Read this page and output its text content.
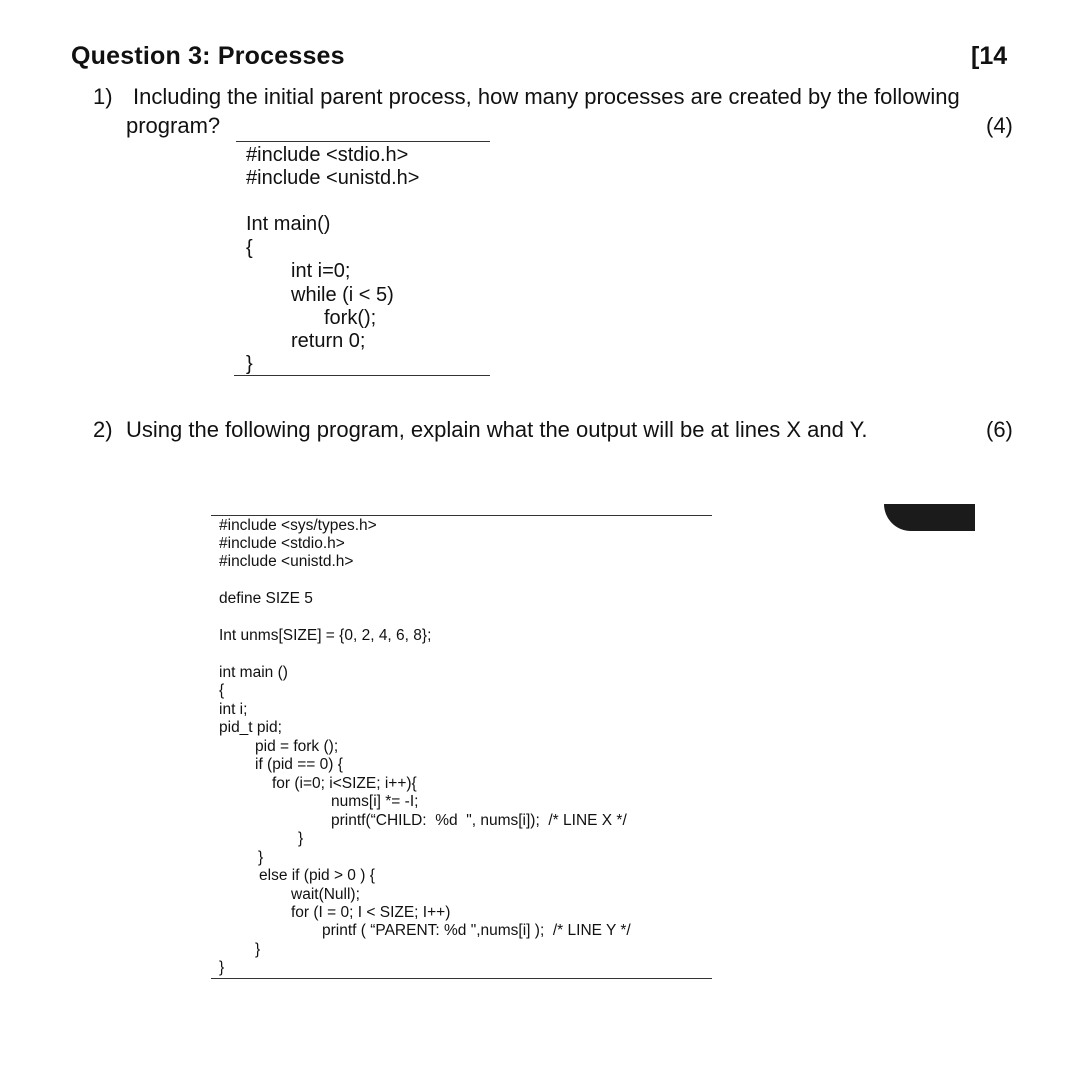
Question 3: Processes	[14
1) Including the initial parent process, how many processes are created by the following
program?	(4)
#include <stdio.h>
#include <unistd.h>
Int main()
{
int i=0;
while (i < 5)
fork();
return 0;
}
2) Using the following program, explain what the output will be at lines X and Y.	(6)
#include <sys/types.h>
#include <stdio.h>
#include <unistd.h>
define SIZE 5
Int unms[SIZE] = {0, 2, 4, 6, 8};
int main ()
{
int i;
pid_t pid;
pid = fork ();
if (pid == 0) {
for (i=0; i<SIZE; i++){
nums[i] *= -I;
printf(“CHILD:  %d  ", nums[i]);  /* LINE X */
}
}
else if (pid > 0 ) {
wait(Null);
for (I = 0; I < SIZE; I++)
printf ( “PARENT: %d ",nums[i] );  /* LINE Y */
}
}
